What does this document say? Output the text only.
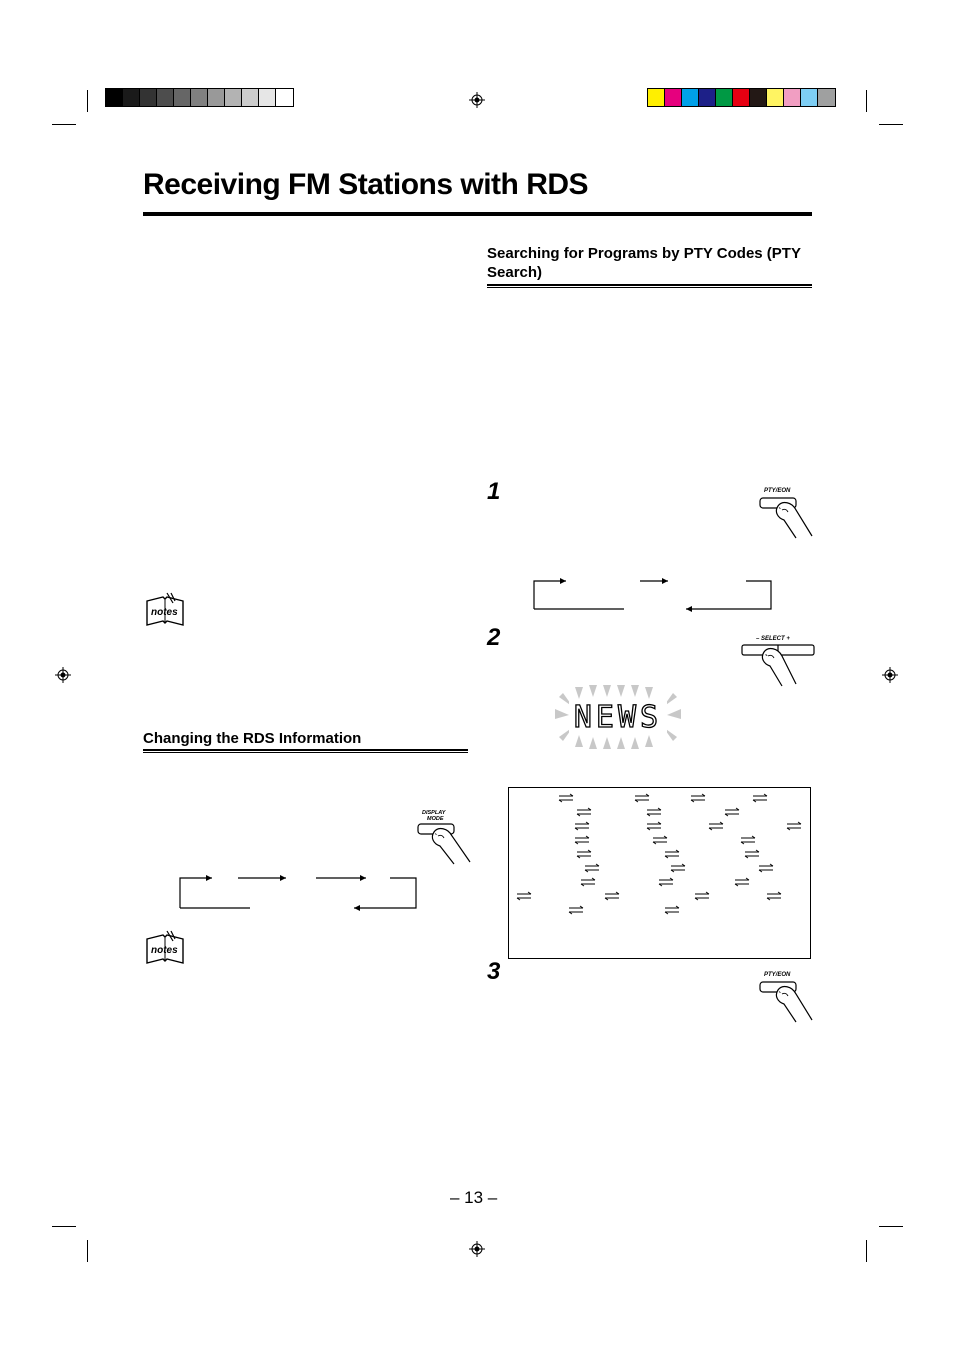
Receiving FM Stations with RDS
notes
notes
Changing the RDS Information
DISPLAY
MODE
Searching for Programs by PTY Codes (PTY
Search)
1
2
3
PTY/EON
– SELECT +
NEWS
PTY/EON
– 13 –
